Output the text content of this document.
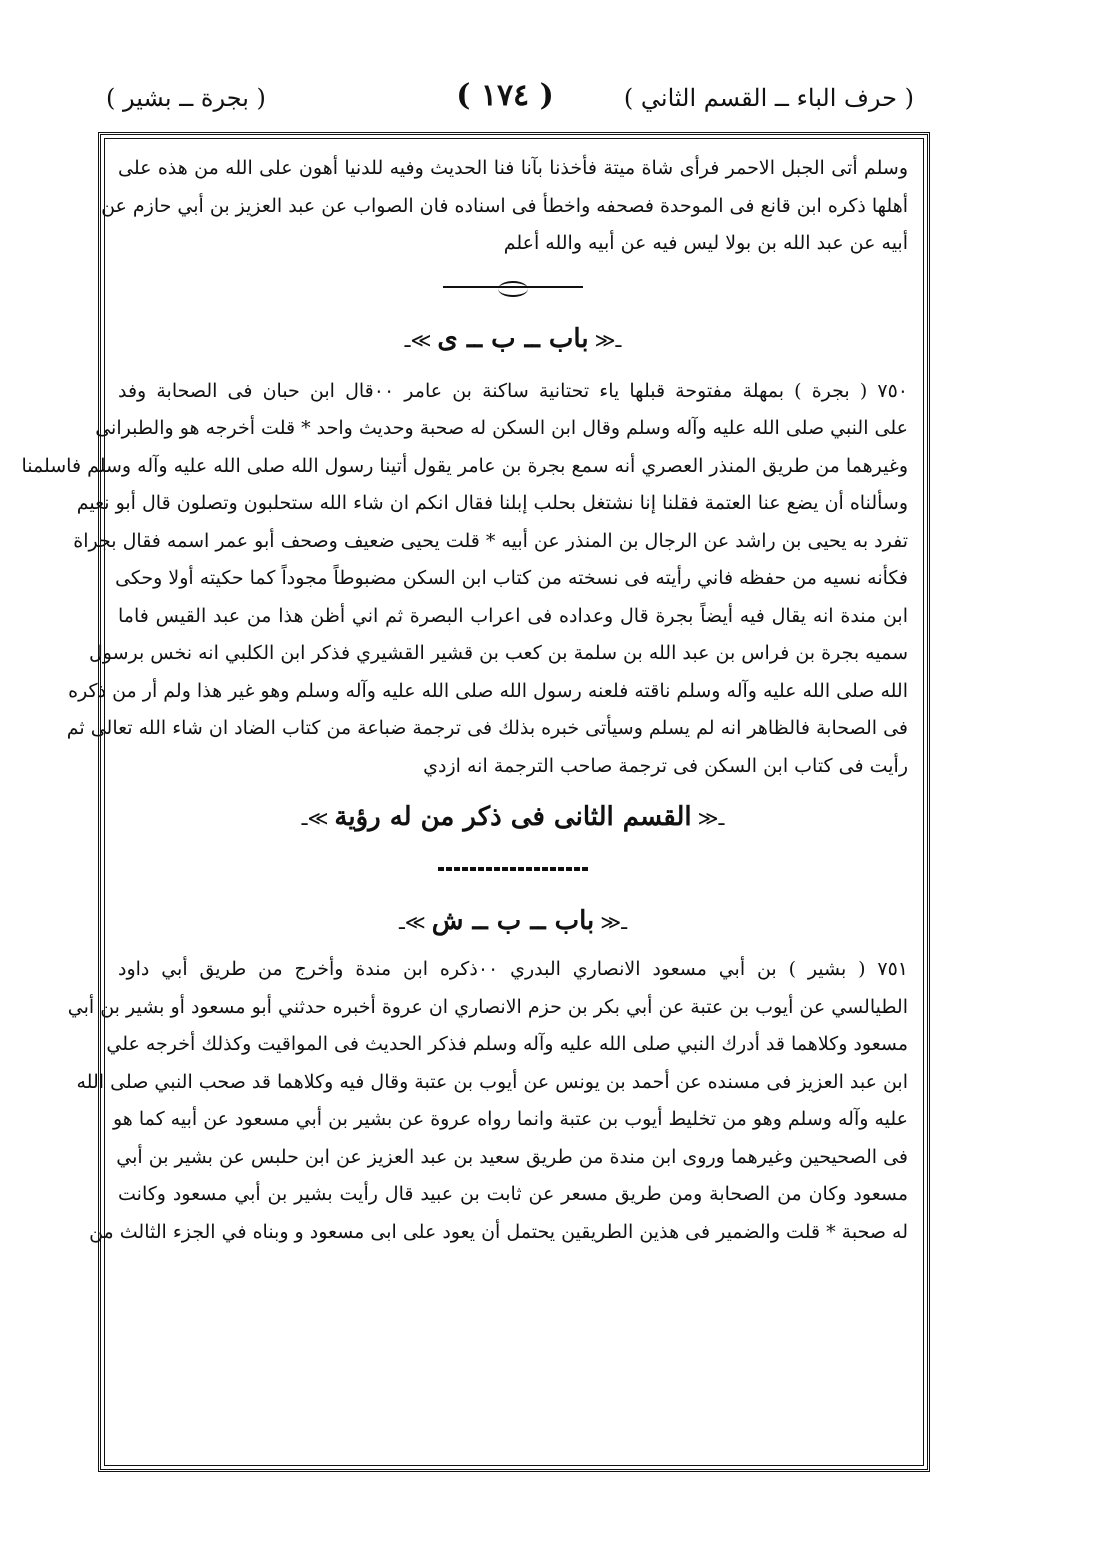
( حرف الباء ــ القسم الثاني )
( ١٧٤ )
( بجرة ــ بشير )
وسلم أتى الجبل الاحمر فرأى شاة ميتة فأخذنا بآنا فنا الحديث وفيه للدنيا أهون على الله من هذه على
أهلها ذكره ابن قانع فى الموحدة فصحفه واخطأ فى اسناده فان الصواب عن عبد العزيز بن أبي حازم عن
أبيه عن عبد الله بن بولا ليس فيه عن أبيه والله أعلم
ـ≪باب ــ ب ــ ى≫ـ
٧٥٠ ( بجرة ) بمهلة مفتوحة قبلها ياء تحتانية ساكنة بن عامر ٠٠قال ابن حبان فى الصحابة وفد
على النبي صلى الله عليه وآله وسلم وقال ابن السكن له صحبة وحديث واحد * قلت أخرجه هو والطبرانى
وغيرهما من طريق المنذر العصري أنه سمع بجرة بن عامر يقول أتينا رسول الله صلى الله عليه وآله وسلم فاسلمنا
وسألناه أن يضع عنا العتمة فقلنا إنا نشتغل بحلب إبلنا فقال انكم ان شاء الله ستحلبون وتصلون قال أبو نعيم
تفرد به يحيى بن راشد عن الرجال بن المنذر عن أبيه * قلت يحيى ضعيف وصحف أبو عمر اسمه فقال بجراة
فكأنه نسيه من حفظه فاني رأيته فى نسخته من كتاب ابن السكن مضبوطاً مجوداً كما حكيته أولا وحكى
ابن مندة انه يقال فيه أيضاً بجرة قال وعداده فى اعراب البصرة ثم اني أظن هذا من عبد القيس فاما
سميه بجرة بن فراس بن عبد الله بن سلمة بن كعب بن قشير القشيري فذكر ابن الكلبي انه نخس برسول
الله صلى الله عليه وآله وسلم ناقته فلعنه رسول الله صلى الله عليه وآله وسلم وهو غير هذا ولم أر من ذكره
فى الصحابة فالظاهر انه لم يسلم وسيأتى خبره بذلك فى ترجمة ضباعة من كتاب الضاد ان شاء الله تعالى ثم
رأيت فى كتاب ابن السكن فى ترجمة صاحب الترجمة انه ازدي
ـ≪القسم الثانى فى ذكر من له رؤية≫ـ
ـ≪باب ــ ب ــ ش≫ـ
٧٥١ ( بشير ) بن أبي مسعود الانصاري البدري ٠٠ذكره ابن مندة وأخرج من طريق أبي داود
الطيالسي عن أيوب بن عتبة عن أبي بكر بن حزم الانصاري ان عروة أخبره حدثني أبو مسعود أو بشير بن أبي
مسعود وكلاهما قد أدرك النبي صلى الله عليه وآله وسلم فذكر الحديث فى المواقيت وكذلك أخرجه علي
ابن عبد العزيز فى مسنده عن أحمد بن يونس عن أيوب بن عتبة وقال فيه وكلاهما قد صحب النبي صلى الله
عليه وآله وسلم وهو من تخليط أيوب بن عتبة وانما رواه عروة عن بشير بن أبي مسعود عن أبيه كما هو
فى الصحيحين وغيرهما وروى ابن مندة من طريق سعيد بن عبد العزيز عن ابن حلبس عن بشير بن أبي
مسعود وكان من الصحابة ومن طريق مسعر عن ثابت بن عبيد قال رأيت بشير بن أبي مسعود وكانت
له صحبة * قلت والضمير فى هذين الطريقين يحتمل أن يعود على ابى مسعود و وبناه في الجزء الثالث من
